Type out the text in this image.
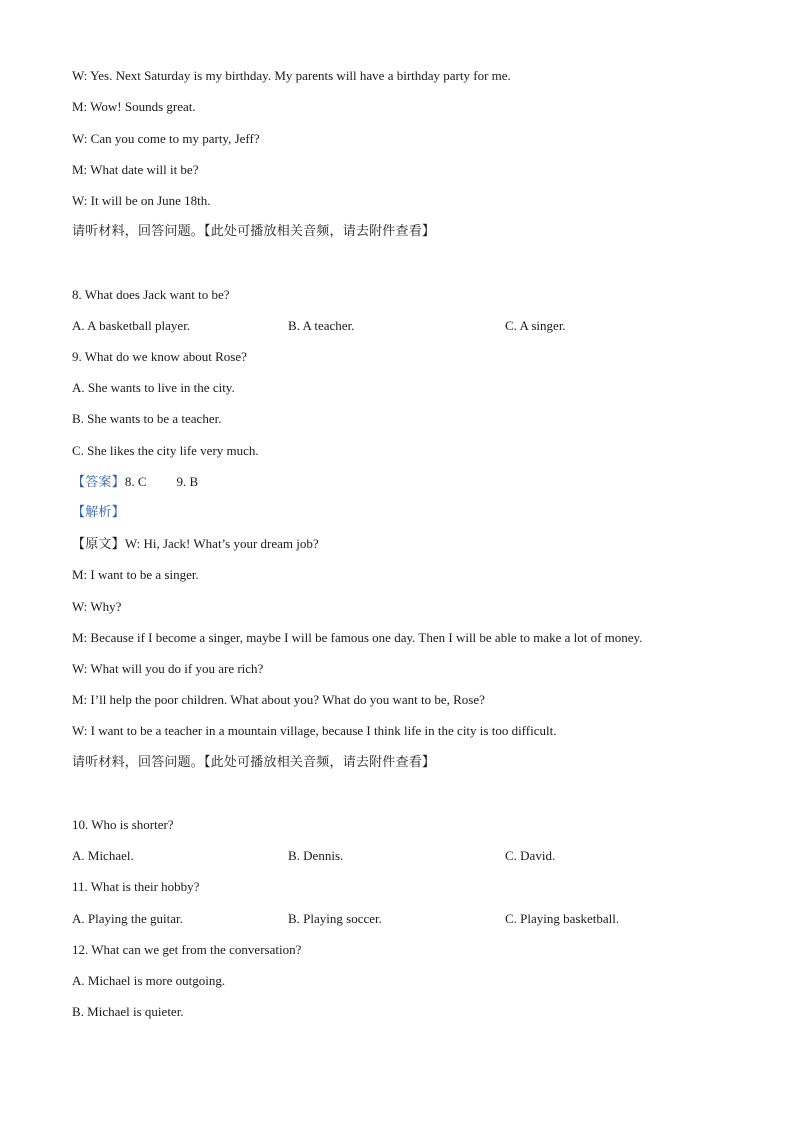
W: Yes. Next Saturday is my birthday. My parents will have a birthday party for me.
M: Wow! Sounds great.
W: Can you come to my party, Jeff?
M: What date will it be?
W: It will be on June 18th.
请听材料，回答问题。【此处可播放相关音频，请去附件查看】
8. What does Jack want to be?
A. A basketball player.	B. A teacher.	C. A singer.
9. What do we know about Rose?
A. She wants to live in the city.
B. She wants to be a teacher.
C. She likes the city life very much.
【答案】8. C 9. B
【解析】
【原文】W: Hi, Jack! What’s your dream job?
M: I want to be a singer.
W: Why?
M: Because if I become a singer, maybe I will be famous one day. Then I will be able to make a lot of money.
W: What will you do if you are rich?
M: I’ll help the poor children. What about you? What do you want to be, Rose?
W: I want to be a teacher in a mountain village, because I think life in the city is too difficult.
请听材料，回答问题。【此处可播放相关音频，请去附件查看】
10. Who is shorter?
A. Michael.	B. Dennis.	C. David.
11. What is their hobby?
A. Playing the guitar.	B. Playing soccer.	C. Playing basketball.
12. What can we get from the conversation?
A. Michael is more outgoing.
B. Michael is quieter.
